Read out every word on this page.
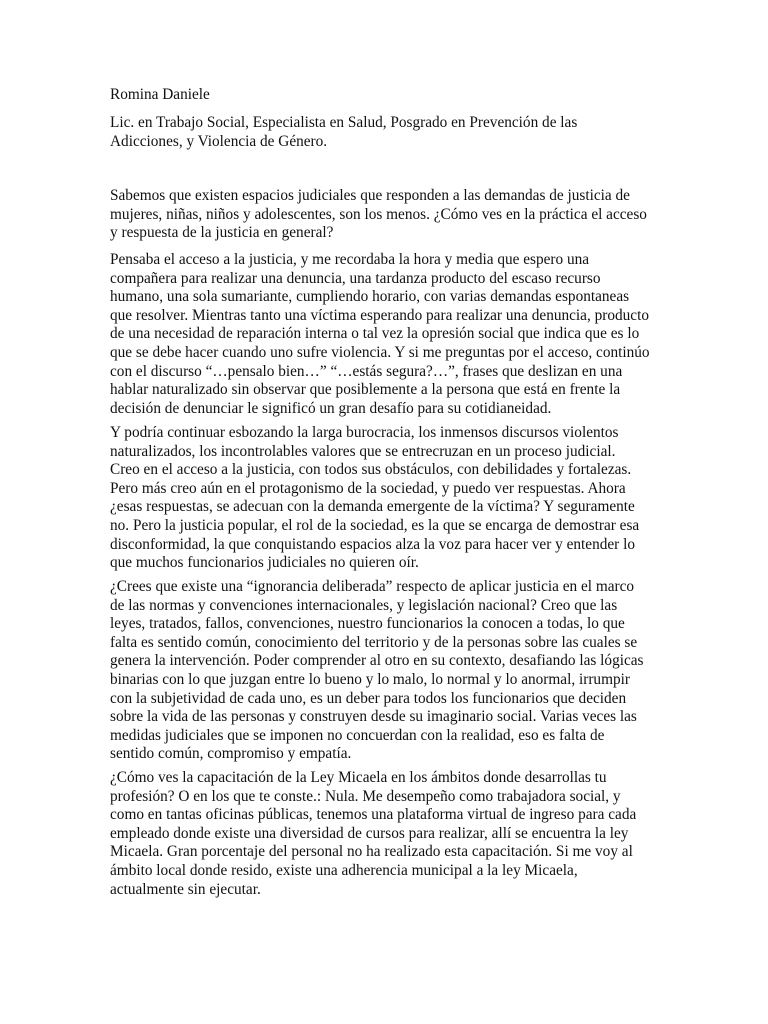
Romina Daniele

Lic. en Trabajo Social, Especialista en Salud, Posgrado en Prevención de las
Adicciones, y Violencia de Género.

Sabemos que existen espacios judiciales que responden a las demandas de justicia de
mujeres, niñas, niños y adolescentes, son los menos. ¿Cómo ves en la práctica el acceso
y respuesta de la justicia en general?

Pensaba el acceso a la justicia, y me recordaba la hora y media que espero una
compañera para realizar una denuncia, una tardanza producto del escaso recurso
humano, una sola sumariante, cumpliendo horario, con varias demandas espontaneas
que resolver. Mientras tanto una víctima esperando para realizar una denuncia, producto
de una necesidad de reparación interna o tal vez la opresión social que indica que es lo
que se debe hacer cuando uno sufre violencia. Y si me preguntas por el acceso, continúo
con el discurso “…pensalo bien…” “…estás segura?…”, frases que deslizan en una
hablar naturalizado sin observar que posiblemente a la persona que está en frente la
decisión de denunciar le significó un gran desafío para su cotidianeidad.

Y podría continuar esbozando la larga burocracia, los inmensos discursos violentos
naturalizados, los incontrolables valores que se entrecruzan en un proceso judicial.
Creo en el acceso a la justicia, con todos sus obstáculos, con debilidades y fortalezas.
Pero más creo aún en el protagonismo de la sociedad, y puedo ver respuestas. Ahora
¿esas respuestas, se adecuan con la demanda emergente de la víctima? Y seguramente
no. Pero la justicia popular, el rol de la sociedad, es la que se encarga de demostrar esa
disconformidad, la que conquistando espacios alza la voz para hacer ver y entender lo
que muchos funcionarios judiciales no quieren oír.

¿Crees que existe una “ignorancia deliberada” respecto de aplicar justicia en el marco
de las normas y convenciones internacionales, y legislación nacional? Creo que las
leyes, tratados, fallos, convenciones, nuestro funcionarios la conocen a todas, lo que
falta es sentido común, conocimiento del territorio y de la personas sobre las cuales se
genera la intervención. Poder comprender al otro en su contexto, desafiando las lógicas
binarias con lo que juzgan entre lo bueno y lo malo, lo normal y lo anormal, irrumpir
con la subjetividad de cada uno, es un deber para todos los funcionarios que deciden
sobre la vida de las personas y construyen desde su imaginario social. Varias veces las
medidas judiciales que se imponen no concuerdan con la realidad, eso es falta de
sentido común, compromiso y empatía.

¿Cómo ves la capacitación de la Ley Micaela en los ámbitos donde desarrollas tu
profesión? O en los que te conste.: Nula. Me desempeño como trabajadora social, y
como en tantas oficinas públicas, tenemos una plataforma virtual de ingreso para cada
empleado donde existe una diversidad de cursos para realizar, allí se encuentra la ley
Micaela. Gran porcentaje del personal no ha realizado esta capacitación. Si me voy al
ámbito local donde resido, existe una adherencia municipal a la ley Micaela,
actualmente sin ejecutar.
